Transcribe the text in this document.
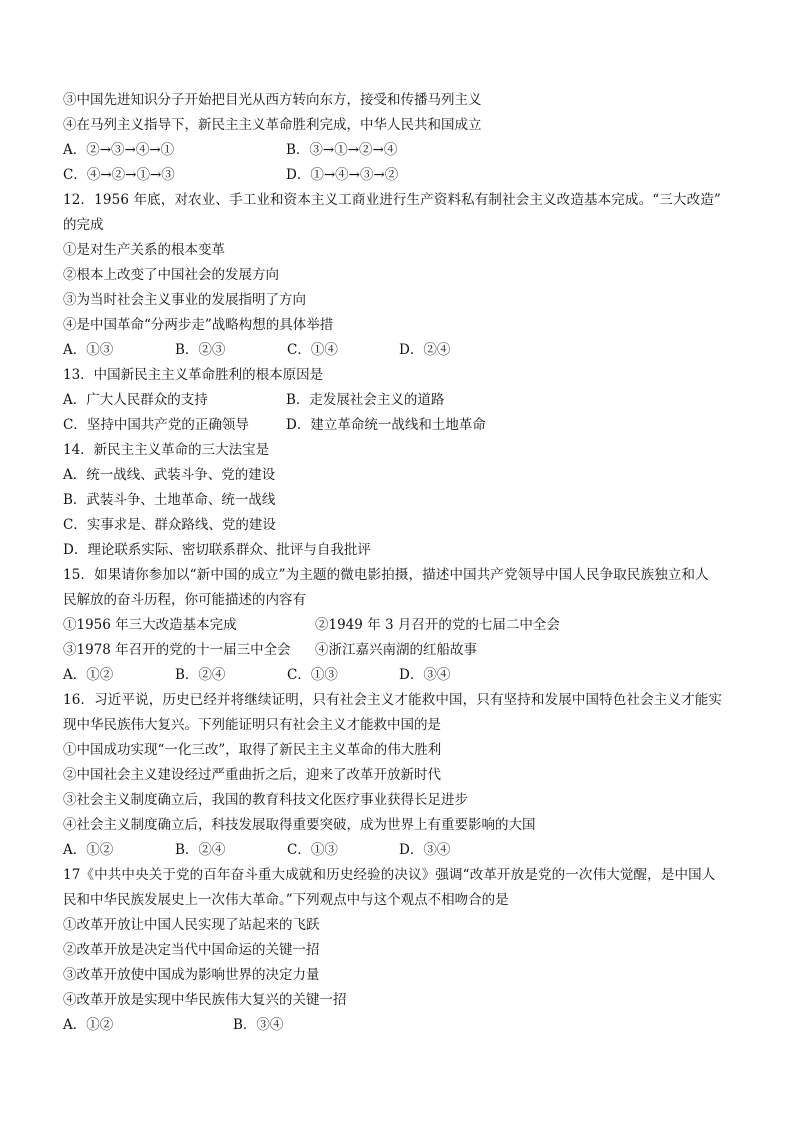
③中国先进知识分子开始把目光从西方转向东方，接受和传播马列主义
④在马列主义指导下，新民主主义革命胜利完成，中华人民共和国成立
A．②→③→④→①	B．③→①→②→④
C．④→②→①→③	D．①→④→③→②
12．1956 年底，对农业、手工业和资本主义工商业进行生产资料私有制社会主义改造基本完成。“三大改造”
的完成
①是对生产关系的根本变革
②根本上改变了中国社会的发展方向
③为当时社会主义事业的发展指明了方向
④是中国革命“分两步走”战略构想的具体举措
A．①③	B．②③	C．①④	D．②④
13．中国新民主主义革命胜利的根本原因是
A．广大人民群众的支持	B．走发展社会主义的道路
C．坚持中国共产党的正确领导	D．建立革命统一战线和土地革命
14．新民主主义革命的三大法宝是
A．统一战线、武装斗争、党的建设
B．武装斗争、土地革命、统一战线
C．实事求是、群众路线、党的建设
D．理论联系实际、密切联系群众、批评与自我批评
15．如果请你参加以“新中国的成立”为主题的微电影拍摄，描述中国共产党领导中国人民争取民族独立和人
民解放的奋斗历程，你可能描述的内容有
①1956 年三大改造基本完成	②1949 年 3 月召开的党的七届二中全会
③1978 年召开的党的十一届三中全会	④浙江嘉兴南湖的红船故事
A．①②	B．②④	C．①③	D．③④
16．习近平说，历史已经并将继续证明，只有社会主义才能救中国，只有坚持和发展中国特色社会主义才能实
现中华民族伟大复兴。下列能证明只有社会主义才能救中国的是
①中国成功实现“一化三改”，取得了新民主主义革命的伟大胜利
②中国社会主义建设经过严重曲折之后，迎来了改革开放新时代
③社会主义制度确立后，我国的教育科技文化医疗事业获得长足进步
④社会主义制度确立后，科技发展取得重要突破，成为世界上有重要影响的大国
A．①②	B．②④	C．①③	D．③④
17《中共中央关于党的百年奋斗重大成就和历史经验的决议》强调“改革开放是党的一次伟大觉醒，是中国人
民和中华民族发展史上一次伟大革命。”下列观点中与这个观点不相吻合的是
①改革开放让中国人民实现了站起来的飞跃
②改革开放是决定当代中国命运的关键一招
③改革开放使中国成为影响世界的决定力量
④改革开放是实现中华民族伟大复兴的关键一招
A．①②	B．③④
